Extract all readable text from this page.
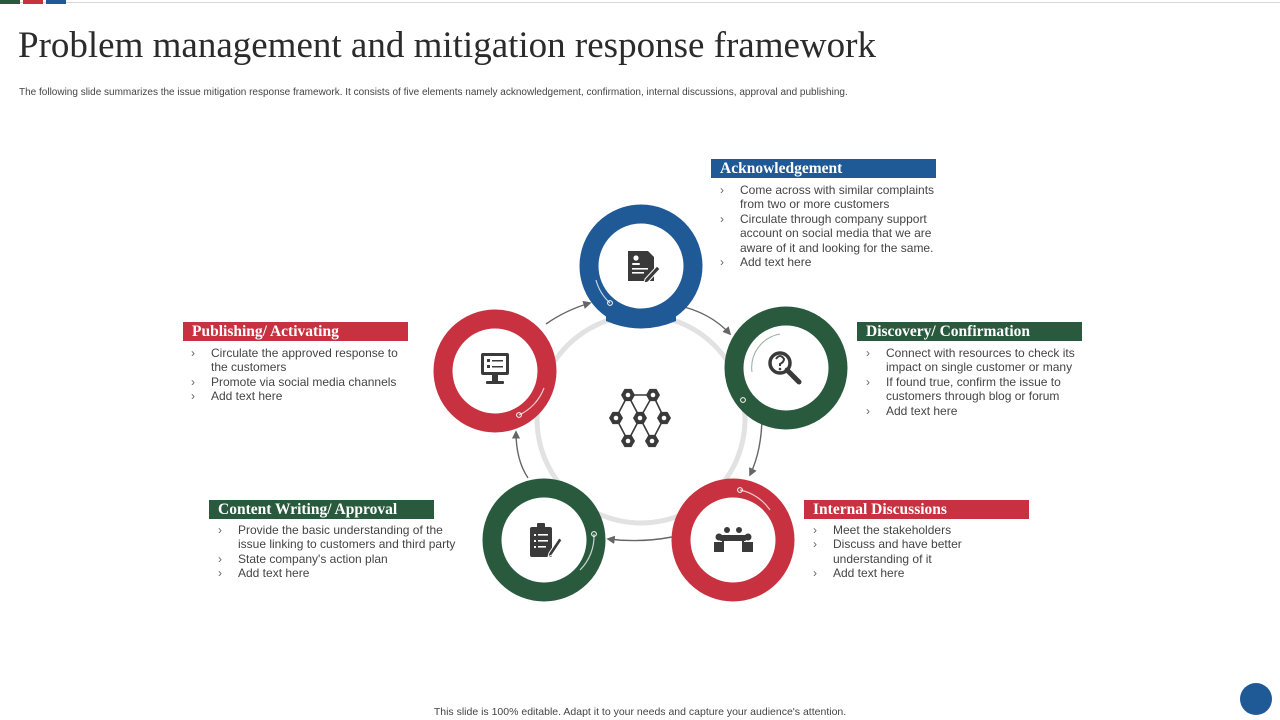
Problem management and mitigation response framework
The following slide summarizes the issue mitigation response framework. It consists of five elements namely acknowledgement, confirmation, internal discussions, approval and publishing.
Acknowledgement
› Come across with similar complaints from two or more customers
› Circulate through company support account on social media that we are aware of it and looking for the same.
› Add text here
Discovery/ Confirmation
› Connect with resources to check its impact on single customer or many
› If found true, confirm the issue to customers through blog or forum
› Add text here
Internal Discussions
› Meet the stakeholders
› Discuss and have better understanding of it
› Add text here
Content Writing/ Approval
› Provide the basic understanding of the issue linking to customers and third party
› State company's action plan
› Add text here
Publishing/ Activating
› Circulate the approved response to the customers
› Promote via social media channels
› Add text here
This slide is 100% editable. Adapt it to your needs and capture your audience's attention.
